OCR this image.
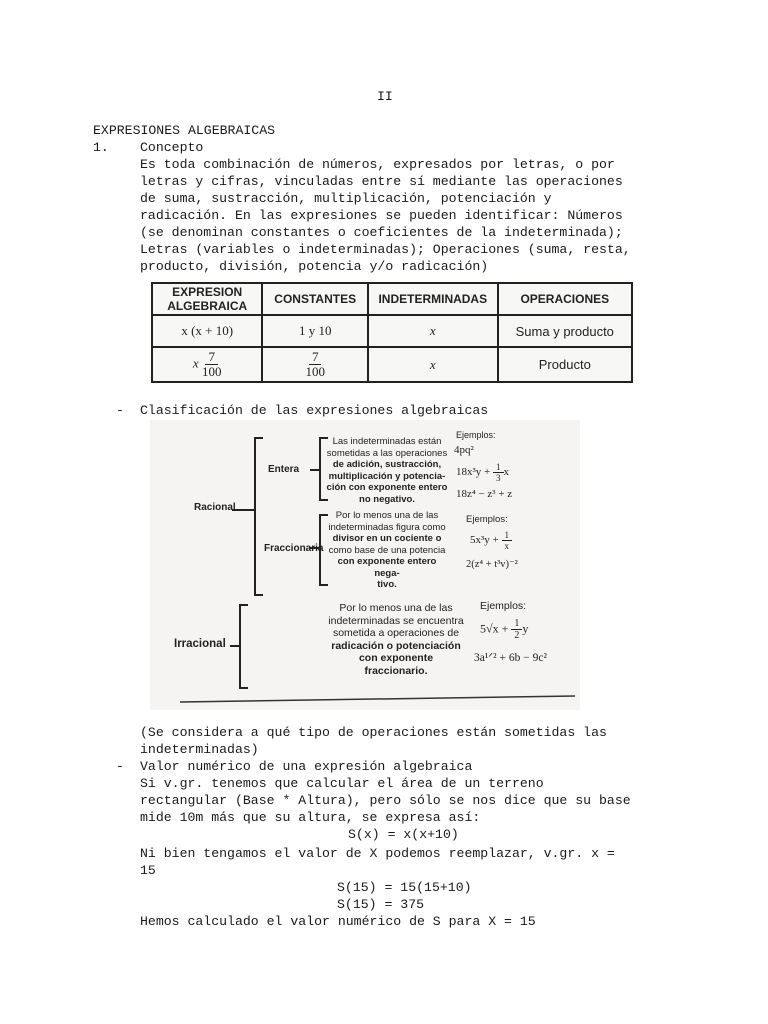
II
EXPRESIONES ALGEBRAICAS
1. Concepto
Es toda combinación de números, expresados por letras, o por
letras y cifras, vinculadas entre sí mediante las operaciones
de suma, sustracción, multiplicación, potenciación y
radicación. En las expresiones se pueden identificar: Números
(se denominan constantes o coeficientes de la indeterminada);
Letras (variables o indeterminadas); Operaciones (suma, resta,
producto, división, potencia y/o radicación)
EXPRESION ALGEBRAICA	CONSTANTES	INDETERMINADAS	OPERACIONES
x (x + 10)	1 y 10	x	Suma y producto
x $\frac{7}{100}$	$\frac{7}{100}$	x	Producto
- Clasificación de las expresiones algebraicas
Racional
Entera
Fraccionaria
Irracional
Las indeterminadas están
sometidas a las operaciones
de adición, sustracción,
multiplicación y potencia-
ción con exponente entero
no negativo.
Por lo menos una de las
indeterminadas figura como
divisor en un cociente o
como base de una potencia
con exponente entero nega-
tivo.
Por lo menos una de las
indeterminadas se encuentra
sometida a operaciones de
radicación o potenciación
con exponente fraccionario.
Ejemplos:
4pq²
$18x^3y + \frac{1}{3}$ x
18z⁴ − z³ + z
Ejemplos:
$5x^3y + \frac{1}{x}$
2(z⁴ + t³v)⁻²
Ejemplos:
$5√x + \frac{1}{2}$ y
3a¹ᐟ² + 6b − 9c²
(Se considera a qué tipo de operaciones están sometidas las
indeterminadas)
- Valor numérico de una expresión algebraica
Si v.gr. tenemos que calcular el área de un terreno
rectangular (Base * Altura), pero sólo se nos dice que su base
mide 10m más que su altura, se expresa así:
S(x) = x(x+10)
Ni bien tengamos el valor de X podemos reemplazar, v.gr. x =
15
S(15) = 15(15+10)
S(15) = 375
Hemos calculado el valor numérico de S para X = 15
